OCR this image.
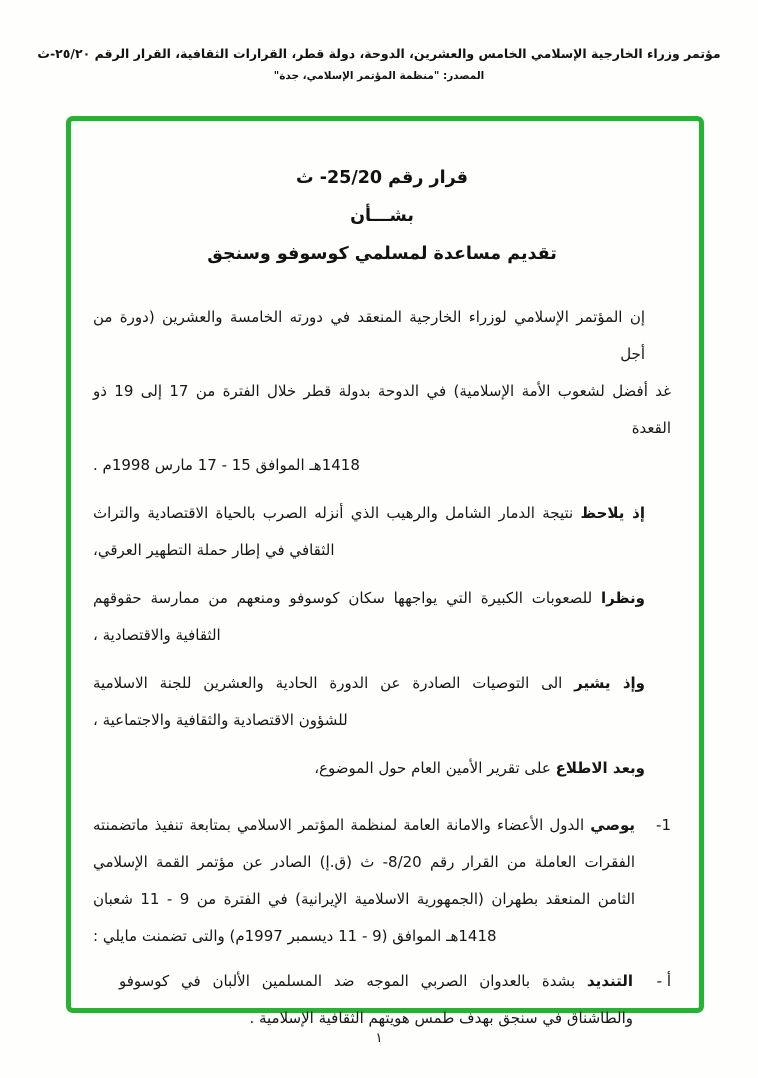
مؤتمر وزراء الخارجية الإسلامي الخامس والعشرين، الدوحة، دولة قطر، القرارات الثقافية، القرار الرقم ٢٥/٢٠-ث
المصدر: "منظمة المؤتمر الإسلامي، جدة"
قرار رقم 25/20- ث
بشـــأن
تقديم مساعدة لمسلمي كوسوفو وسنجق
إن المؤتمر الإسلامي لوزراء الخارجية المنعقد في دورته الخامسة والعشرين (دورة من أجل
غد أفضل لشعوب الأمة الإسلامية) في الدوحة بدولة قطر خلال الفترة من 17 إلى 19 ذو القعدة
1418هـ الموافق 15 - 17 مارس 1998م .
إذ يلاحظ نتيجة الدمار الشامل والرهيب الذي أنزله الصرب بالحياة الاقتصادية والتراث
الثقافي في إطار حملة التطهير العرقي،
ونظرا للصعوبات الكبيرة التي يواجهها سكان كوسوفو ومنعهم من ممارسة حقوقهم
الثقافية والاقتصادية ،
وإذ يشير الى التوصيات الصادرة عن الدورة الحادية والعشرين للجنة الاسلامية
للشؤون الاقتصادية والثقافية والاجتماعية ،
وبعد الاطلاع على تقرير الأمين العام حول الموضوع،
1-
يوصي الدول الأعضاء والامانة العامة لمنظمة المؤتمر الاسلامي بمتابعة تنفيذ ماتضمنته
الفقرات العاملة من القرار رقم 8/20- ث (ق.إ) الصادر عن مؤتمر القمة الإسلامي
الثامن المنعقد بطهران (الجمهورية الاسلامية الإيرانية) في الفترة من 9 - 11 شعبان
1418هـ الموافق (9 - 11 ديسمبر 1997م) والتى تضمنت مايلي :
أ -
التنديد بشدة بالعدوان الصربي الموجه ضد المسلمين الألبان في كوسوفو
والطاشناق في سنجق بهدف طمس هويتهم الثقافية الإسلامية .
١
